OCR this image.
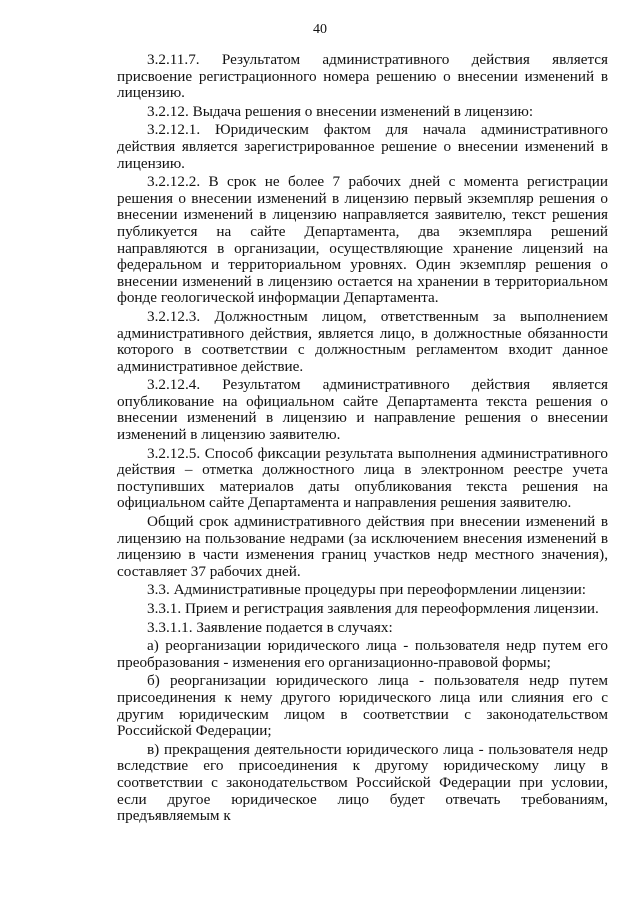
40

3.2.11.7. Результатом административного действия является присвоение регистрационного номера решению о внесении изменений в лицензию.

3.2.12. Выдача решения о внесении изменений в лицензию:

3.2.12.1. Юридическим фактом для начала административного действия является зарегистрированное решение о внесении изменений в лицензию.

3.2.12.2. В срок не более 7 рабочих дней с момента регистрации решения о внесении изменений в лицензию первый экземпляр решения о внесении изменений в лицензию направляется заявителю, текст решения публикуется на сайте Департамента, два экземпляра решений направляются в организации, осуществляющие хранение лицензий на федеральном и территориальном уровнях. Один экземпляр решения о внесении изменений в лицензию остается на хранении в территориальном фонде геологической информации Департамента.

3.2.12.3. Должностным лицом, ответственным за выполнением административного действия, является лицо, в должностные обязанности которого в соответствии с должностным регламентом входит данное административное действие.

3.2.12.4. Результатом административного действия является опубликование на официальном сайте Департамента текста решения о внесении изменений в лицензию и направление решения о внесении изменений в лицензию заявителю.

3.2.12.5. Способ фиксации результата выполнения административного действия – отметка должностного лица в электронном реестре учета поступивших материалов даты опубликования текста решения на официальном сайте Департамента и направления решения заявителю.

Общий срок административного действия при внесении изменений в лицензию на пользование недрами (за исключением внесения изменений в лицензию в части изменения границ участков недр местного значения), составляет 37 рабочих дней.

3.3. Административные процедуры при переоформлении лицензии:

3.3.1. Прием и регистрация заявления для переоформления лицензии.

3.3.1.1. Заявление подается в случаях:

а) реорганизации юридического лица - пользователя недр путем его преобразования - изменения его организационно-правовой формы;

б) реорганизации юридического лица - пользователя недр путем присоединения к нему другого юридического лица или слияния его с другим юридическим лицом в соответствии с законодательством Российской Федерации;

в) прекращения деятельности юридического лица - пользователя недр вследствие его присоединения к другому юридическому лицу в соответствии с законодательством Российской Федерации при условии, если другое юридическое лицо будет отвечать требованиям, предъявляемым к
